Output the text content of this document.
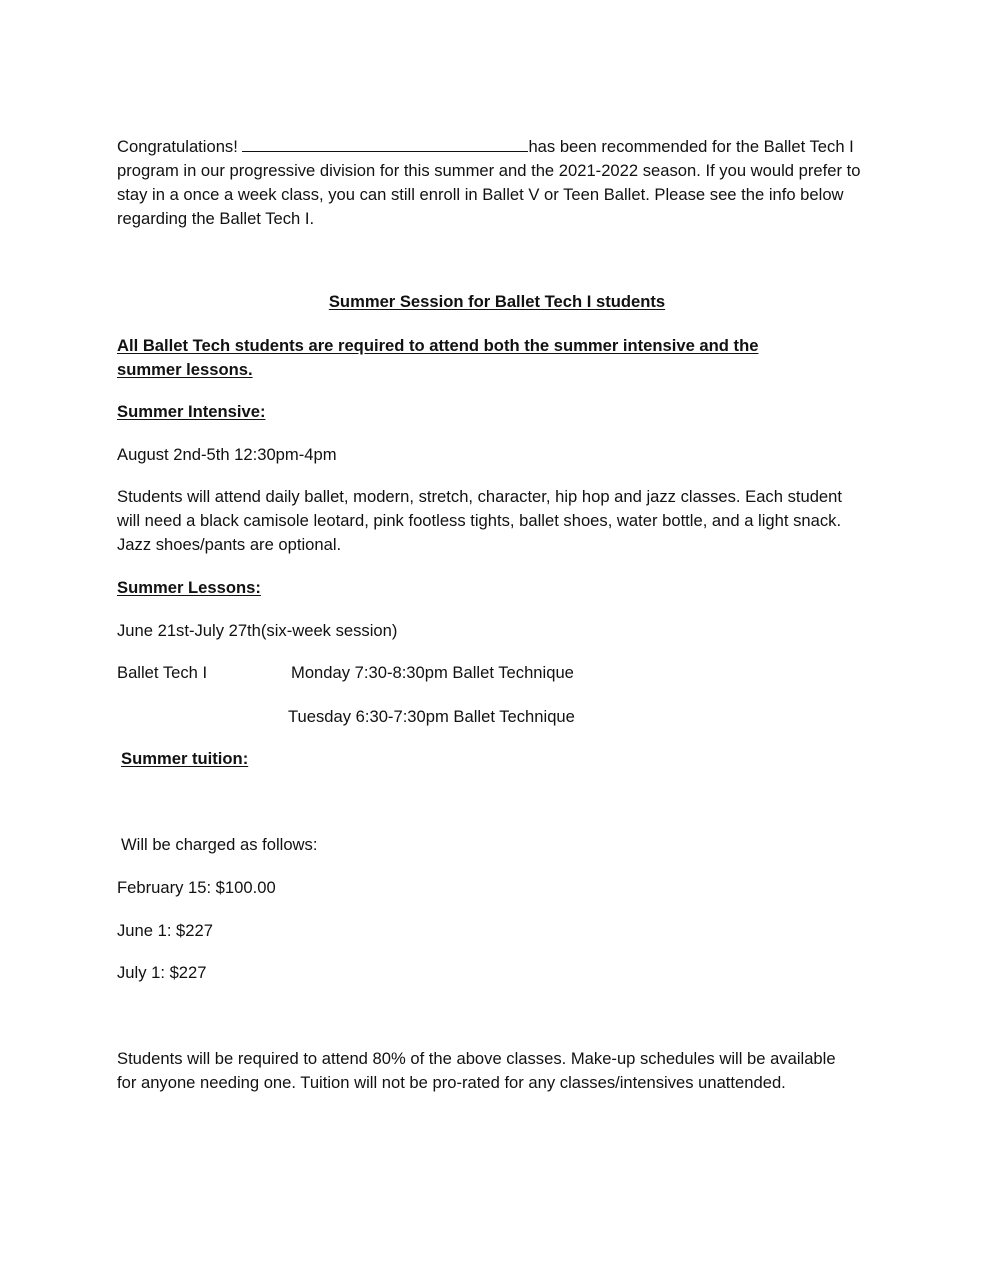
Congratulations!	has been recommended for the Ballet Tech I program in our progressive division for this summer and the 2021-2022 season. If you would prefer to stay in a once a week class, you can still enroll in Ballet V or Teen Ballet. Please see the info below regarding the Ballet Tech I.

Summer Session for Ballet Tech I students

All Ballet Tech students are required to attend both the summer intensive and the summer lessons.

Summer Intensive:

August 2nd-5th 12:30pm-4pm

Students will attend daily ballet, modern, stretch, character, hip hop and jazz classes. Each student will need a black camisole leotard, pink footless tights, ballet shoes, water bottle, and a light snack. Jazz shoes/pants are optional.

Summer Lessons:

June 21st-July 27th(six-week session)

Ballet Tech I	Monday 7:30-8:30pm Ballet Technique
Tuesday 6:30-7:30pm Ballet Technique

Summer tuition:

Will be charged as follows:

February 15: $100.00

June 1: $227

July 1: $227

Students will be required to attend 80% of the above classes. Make-up schedules will be available for anyone needing one. Tuition will not be pro-rated for any classes/intensives unattended.
